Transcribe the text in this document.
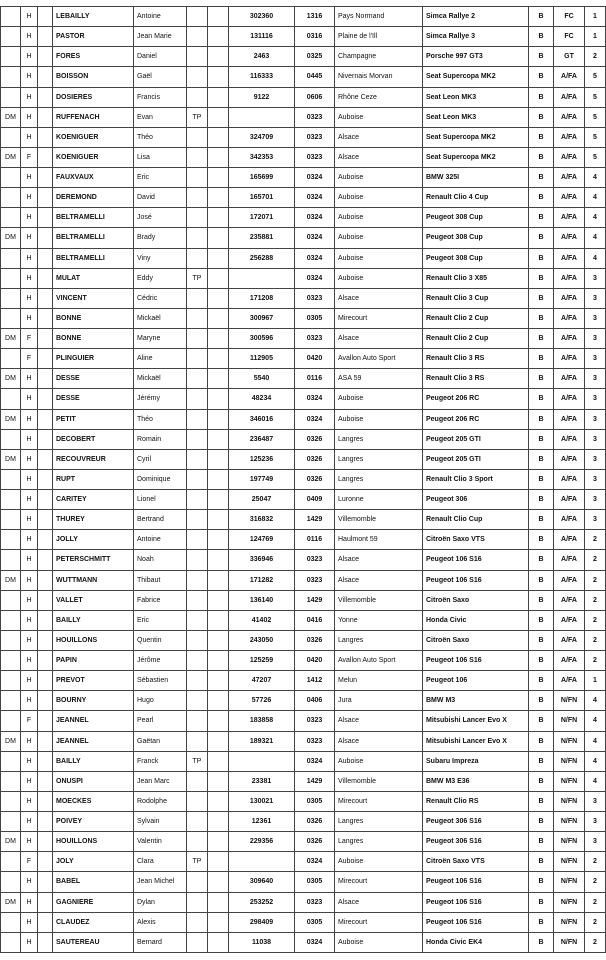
	H		LEBAILLY	Antoine			302360	1316	Pays Normand	Simca Rallye 2	B	FC	1
	H		PASTOR	Jean Marie			131116	0316	Plaine de l'Ill	Simca Rallye 3	B	FC	1
	H		FORES	Daniel			2463	0325	Champagne	Porsche 997 GT3	B	GT	2
	H		BOISSON	Gaël			116333	0445	Nivernais Morvan	Seat Supercopa MK2	B	A/FA	5
	H		DOSIERES	Francis			9122	0606	Rhône Ceze	Seat Leon MK3	B	A/FA	5
DM	H		RUFFENACH	Evan	TP			0323	Auboise	Seat Leon MK3	B	A/FA	5
	H		KOENIGUER	Théo			324709	0323	Alsace	Seat Supercopa MK2	B	A/FA	5
DM	F		KOENIGUER	Lisa			342353	0323	Alsace	Seat Supercopa MK2	B	A/FA	5
	H		FAUXVAUX	Eric			165699	0324	Auboise	BMW 325I	B	A/FA	4
	H		DEREMOND	David			165701	0324	Auboise	Renault Clio 4 Cup	B	A/FA	4
	H		BELTRAMELLI	José			172071	0324	Auboise	Peugeot 308 Cup	B	A/FA	4
DM	H		BELTRAMELLI	Brady			235881	0324	Auboise	Peugeot 308 Cup	B	A/FA	4
	H		BELTRAMELLI	Viny			256288	0324	Auboise	Peugeot 308 Cup	B	A/FA	4
	H		MULAT	Eddy	TP			0324	Auboise	Renault Clio 3 X85	B	A/FA	3
	H		VINCENT	Cédric			171208	0323	Alsace	Renault Clio 3 Cup	B	A/FA	3
	H		BONNE	Mickaël			300967	0305	Mirecourt	Renault Clio 2 Cup	B	A/FA	3
DM	F		BONNE	Maryne			300596	0323	Alsace	Renault Clio 2 Cup	B	A/FA	3
	F		PLINGUIER	Aline			112905	0420	Avallon Auto Sport	Renault Clio 3 RS	B	A/FA	3
DM	H		DESSE	Mickaël			5540	0116	ASA 59	Renault Clio 3 RS	B	A/FA	3
	H		DESSE	Jérémy			48234	0324	Auboise	Peugeot 206 RC	B	A/FA	3
DM	H		PETIT	Théo			346016	0324	Auboise	Peugeot 206 RC	B	A/FA	3
	H		DECOBERT	Romain			236487	0326	Langres	Peugeot 205 GTI	B	A/FA	3
DM	H		RECOUVREUR	Cyril			125236	0326	Langres	Peugeot 205 GTI	B	A/FA	3
	H		RUPT	Dominique			197749	0326	Langres	Renault Clio 3 Sport	B	A/FA	3
	H		CARITEY	Lionel			25047	0409	Luronne	Peugeot 306	B	A/FA	3
	H		THUREY	Bertrand			316832	1429	Villemomble	Renault Clio Cup	B	A/FA	3
	H		JOLLY	Antoine			124769	0116	Haulmont 59	Citroën Saxo VTS	B	A/FA	2
	H		PETERSCHMITT	Noah			336946	0323	Alsace	Peugeot 106 S16	B	A/FA	2
DM	H		WUTTMANN	Thibaut			171282	0323	Alsace	Peugeot 106 S16	B	A/FA	2
	H		VALLET	Fabrice			136140	1429	Villemomble	Citroën Saxo	B	A/FA	2
	H		BAILLY	Eric			41402	0416	Yonne	Honda Civic	B	A/FA	2
	H		HOUILLONS	Quentin			243050	0326	Langres	Citroën Saxo	B	A/FA	2
	H		PAPIN	Jérôme			125259	0420	Avallon Auto Sport	Peugeot 106 S16	B	A/FA	2
	H		PREVOT	Sébastien			47207	1412	Melun	Peugeot 106	B	A/FA	1
	H		BOURNY	Hugo			57726	0406	Jura	BMW M3	B	N/FN	4
	F		JEANNEL	Pearl			183858	0323	Alsace	Mitsubishi Lancer Evo X	B	N/FN	4
DM	H		JEANNEL	Gaëtan			189321	0323	Alsace	Mitsubishi Lancer Evo X	B	N/FN	4
	H		BAILLY	Franck	TP			0324	Auboise	Subaru Impreza	B	N/FN	4
	H		ONUSPI	Jean Marc			23381	1429	Villemomble	BMW M3 E36	B	N/FN	4
	H		MOECKES	Rodolphe			130021	0305	Mirecourt	Renault Clio RS	B	N/FN	3
	H		POIVEY	Sylvain			12361	0326	Langres	Peugeot 306 S16	B	N/FN	3
DM	H		HOUILLONS	Valentin			229356	0326	Langres	Peugeot 306 S16	B	N/FN	3
	F		JOLY	Clara	TP			0324	Auboise	Citroën Saxo VTS	B	N/FN	2
	H		BABEL	Jean Michel			309640	0305	Mirecourt	Peugeot 106 S16	B	N/FN	2
DM	H		GAGNIERE	Dylan			253252	0323	Alsace	Peugeot 106 S16	B	N/FN	2
	H		CLAUDEZ	Alexis			298409	0305	Mirecourt	Peugeot 106 S16	B	N/FN	2
	H		SAUTEREAU	Bernard			11038	0324	Auboise	Honda Civic EK4	B	N/FN	2
